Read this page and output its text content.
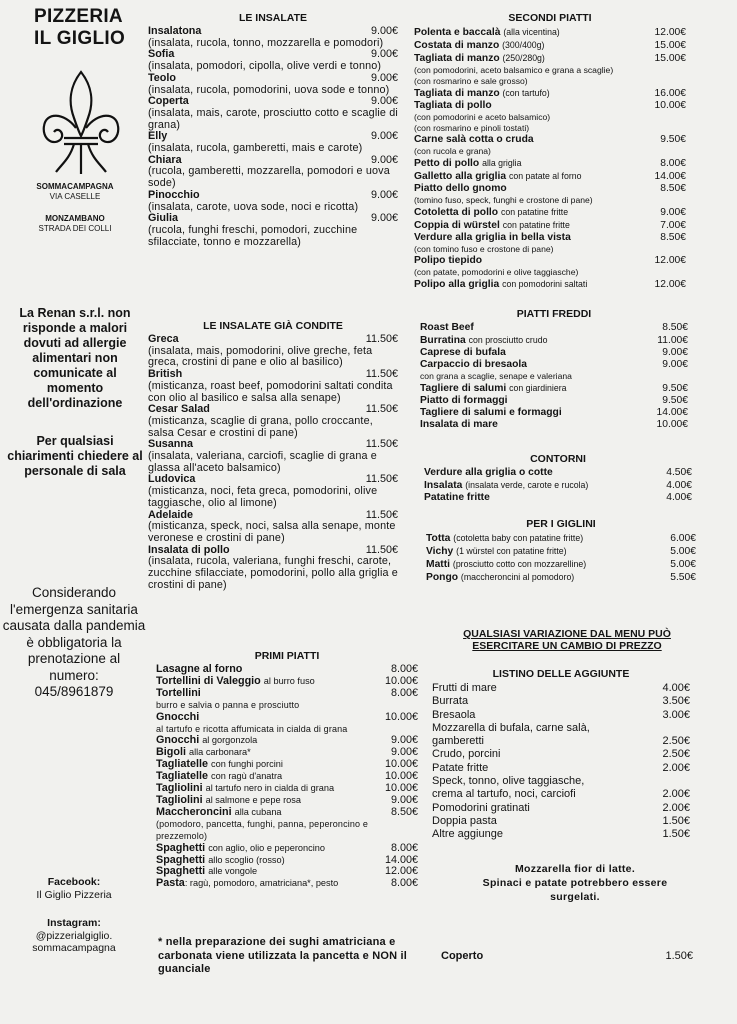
PIZZERIA
IL GIGLIO
SOMMACAMPAGNA
VIA CASELLE
MONZAMBANO
STRADA DEI COLLI
La Renan s.r.l. non risponde a malori dovuti ad allergie alimentari non comunicate al momento dell'ordinazione
Per qualsiasi chiarimenti chiedere al personale di sala
Considerando l'emergenza sanitaria causata dalla pandemia è obbligatoria la prenotazione al numero:
045/8961879
Facebook:
Il Giglio Pizzeria
Instagram:
@pizzerialgiglio.
sommacampagna
LE INSALATE
Insalatona	9.00€
(insalata, rucola, tonno, mozzarella e pomodori)
Sofia	9.00€
(insalata, pomodori, cipolla, olive verdi e tonno)
Teolo	9.00€
(insalata, rucola, pomodorini, uova sode e tonno)
Coperta	9.00€
(insalata, mais, carote, prosciutto cotto e scaglie di grana)
Elly	9.00€
(insalata, rucola, gamberetti, mais e carote)
Chiara	9.00€
(rucola, gamberetti, mozzarella, pomodori e uova sode)
Pinocchio	9.00€
(insalata, carote, uova sode, noci e ricotta)
Giulia	9.00€
(rucola, funghi freschi, pomodori, zucchine sfilacciate, tonno e mozzarella)
LE INSALATE GIÀ CONDITE
Greca	11.50€
(insalata, mais, pomodorini, olive greche, feta greca, crostini di pane e olio al basilico)
British	11.50€
(misticanza, roast beef, pomodorini saltati condita con olio al basilico e salsa alla senape)
Cesar Salad	11.50€
(misticanza, scaglie di grana, pollo croccante, salsa Cesar e crostini di pane)
Susanna	11.50€
(insalata, valeriana, carciofi, scaglie di grana e glassa all'aceto balsamico)
Ludovica	11.50€
(misticanza, noci, feta greca, pomodorini, olive taggiasche, olio al limone)
Adelaide	11.50€
(misticanza, speck, noci, salsa alla senape, monte veronese e crostini di pane)
Insalata di pollo	11.50€
(insalata, rucola, valeriana, funghi freschi, carote, zucchine sfilacciate, pomodorini, pollo alla griglia e crostini di pane)
PRIMI PIATTI
Lasagne al forno	8.00€
Tortellini di Valeggio al burro fuso	10.00€
Tortellini	8.00€
burro e salvia o panna e prosciutto
Gnocchi	10.00€
al tartufo e ricotta affumicata in cialda di grana
Gnocchi al gorgonzola	9.00€
Bigoli alla carbonara*	9.00€
Tagliatelle con funghi porcini	10.00€
Tagliatelle con ragù d'anatra	10.00€
Tagliolini al tartufo nero in cialda di grana	10.00€
Tagliolini al salmone e pepe rosa	9.00€
Maccheroncini alla cubana	8.50€
(pomodoro, pancetta, funghi, panna, peperoncino e prezzemolo)
Spaghetti con aglio, olio e peperoncino	8.00€
Spaghetti allo scoglio (rosso)	14.00€
Spaghetti alle vongole	12.00€
Pasta: ragù, pomodoro, amatriciana*, pesto	8.00€
* nella preparazione dei sughi amatriciana e carbonata viene utilizzata la pancetta e NON il guanciale
SECONDI PIATTI
Polenta e baccalà (alla vicentina)	12.00€
Costata di manzo (300/400g)	15.00€
Tagliata di manzo (250/280g)	15.00€
(con pomodorini, aceto balsamico e grana a scaglie)
(con rosmarino e sale grosso)
Tagliata di manzo (con tartufo)	16.00€
Tagliata di pollo	10.00€
(con pomodorini e aceto balsamico)
(con rosmarino e pinoli tostati)
Carne salà cotta o cruda	9.50€
(con rucola e grana)
Petto di pollo alla griglia	8.00€
Galletto alla griglia con patate al forno	14.00€
Piatto dello gnomo	8.50€
(tomino fuso, speck, funghi e crostone di pane)
Cotoletta di pollo con patatine fritte	9.00€
Coppia di würstel con patatine fritte	7.00€
Verdure alla griglia in bella vista	8.50€
(con tomino fuso e crostone di pane)
Polipo tiepido	12.00€
(con patate, pomodorini e olive taggiasche)
Polipo alla griglia con pomodorini saltati	12.00€
PIATTI FREDDI
Roast Beef	8.50€
Burratina con prosciutto crudo	11.00€
Caprese di bufala	9.00€
Carpaccio di bresaola	9.00€
con grana a scaglie, senape e valeriana
Tagliere di salumi con giardiniera	9.50€
Piatto di formaggi	9.50€
Tagliere di salumi e formaggi	14.00€
Insalata di mare	10.00€
CONTORNI
Verdure alla griglia o cotte	4.50€
Insalata (insalata verde, carote e rucola)	4.00€
Patatine fritte	4.00€
PER I GIGLINI
Totta (cotoletta baby con patatine fritte)	6.00€
Vichy (1 würstel con patatine fritte)	5.00€
Matti (prosciutto cotto con mozzarelline)	5.00€
Pongo (maccheroncini al pomodoro)	5.50€
QUALSIASI VARIAZIONE DAL MENU PUÒ ESERCITARE UN CAMBIO DI PREZZO
LISTINO DELLE AGGIUNTE
Frutti di mare	4.00€
Burrata	3.50€
Bresaola	3.00€
Mozzarella di bufala, carne salà,
gamberetti	2.50€
Crudo, porcini	2.50€
Patate fritte	2.00€
Speck, tonno, olive taggiasche,
crema al tartufo, noci, carciofi	2.00€
Pomodorini gratinati	2.00€
Doppia pasta	1.50€
Altre aggiunge	1.50€
Mozzarella fior di latte.
Spinaci e patate potrebbero essere
surgelati.
Coperto	1.50€
